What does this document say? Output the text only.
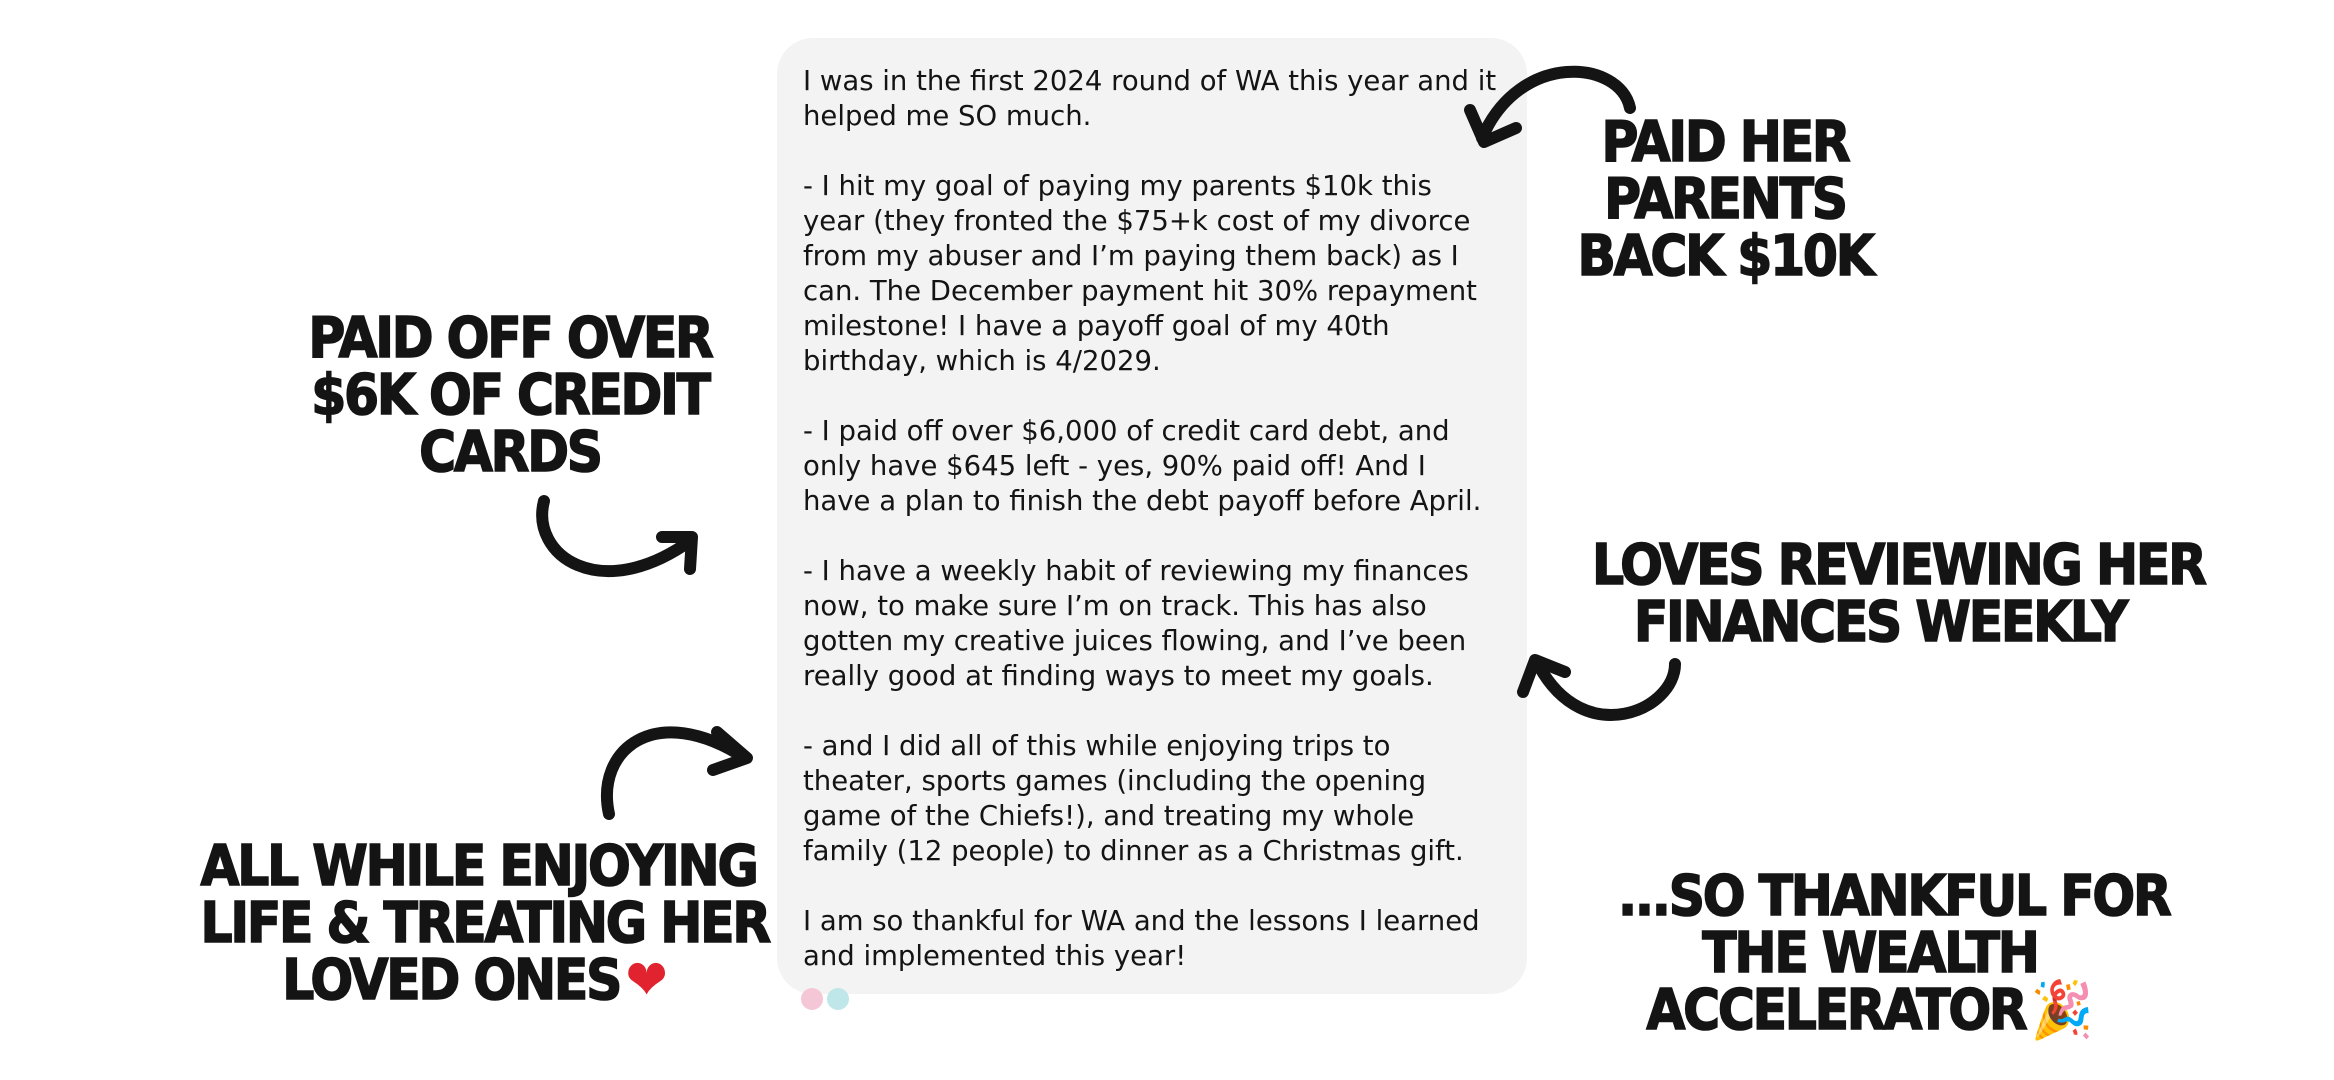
I was in the first 2024 round of WA this year and it helped me SO much.

- I hit my goal of paying my parents $10k this year (they fronted the $75+k cost of my divorce from my abuser and I’m paying them back) as I can. The December payment hit 30% repayment milestone! I have a payoff goal of my 40th birthday, which is 4/2029.

- I paid off over $6,000 of credit card debt, and only have $645 left - yes, 90% paid off! And I have a plan to finish the debt payoff before April.

- I have a weekly habit of reviewing my finances now, to make sure I’m on track. This has also gotten my creative juices flowing, and I’ve been really good at finding ways to meet my goals.

- and I did all of this while enjoying trips to theater, sports games (including the opening game of the Chiefs!), and treating my whole family (12 people) to dinner as a Christmas gift.

I am so thankful for WA and the lessons I learned and implemented this year!

PAID HER
PARENTS
BACK $10K
PAID OFF OVER
$6K OF CREDIT
CARDS
LOVES REVIEWING HER
FINANCES WEEKLY
ALL WHILE ENJOYING
LIFE & TREATING HER
LOVED ONES❤
...SO THANKFUL FOR
THE WEALTH
ACCELERATOR🎉
